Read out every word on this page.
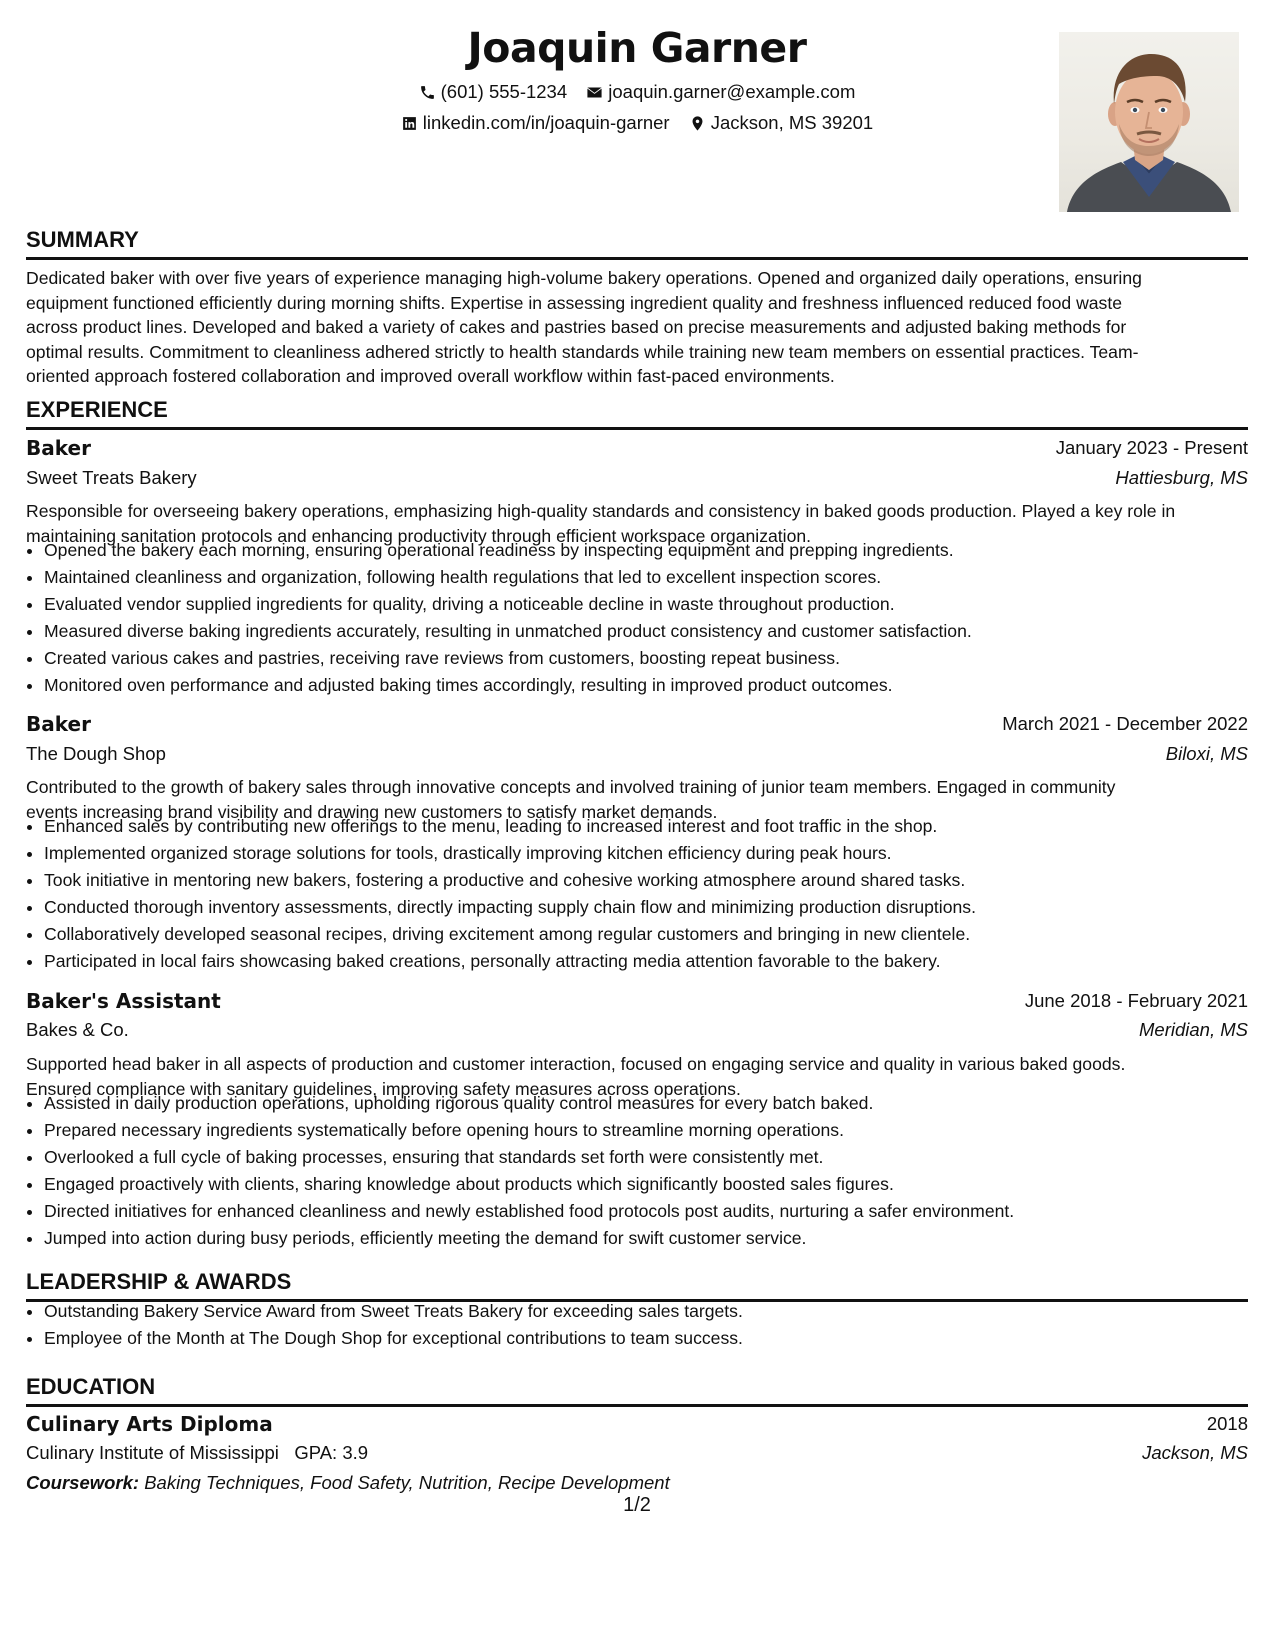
Joaquin Garner
(601) 555-1234
joaquin.garner@example.com
linkedin.com/in/joaquin-garner
Jackson, MS 39201
SUMMARY

Dedicated baker with over five years of experience managing high-volume bakery operations. Opened and organized daily operations, ensuring
equipment functioned efficiently during morning shifts. Expertise in assessing ingredient quality and freshness influenced reduced food waste
across product lines. Developed and baked a variety of cakes and pastries based on precise measurements and adjusted baking methods for
optimal results. Commitment to cleanliness adhered strictly to health standards while training new team members on essential practices. Team-
oriented approach fostered collaboration and improved overall workflow within fast-paced environments.

EXPERIENCE
Baker	January 2023 - Present
Sweet Treats Bakery	Hattiesburg, MS

Responsible for overseeing bakery operations, emphasizing high-quality standards and consistency in baked goods production. Played a key role in
maintaining sanitation protocols and enhancing productivity through efficient workspace organization.

• Opened the bakery each morning, ensuring operational readiness by inspecting equipment and prepping ingredients.
• Maintained cleanliness and organization, following health regulations that led to excellent inspection scores.
• Evaluated vendor supplied ingredients for quality, driving a noticeable decline in waste throughout production.
• Measured diverse baking ingredients accurately, resulting in unmatched product consistency and customer satisfaction.
• Created various cakes and pastries, receiving rave reviews from customers, boosting repeat business.
• Monitored oven performance and adjusted baking times accordingly, resulting in improved product outcomes.
Baker	March 2021 - December 2022
The Dough Shop	Biloxi, MS

Contributed to the growth of bakery sales through innovative concepts and involved training of junior team members. Engaged in community
events increasing brand visibility and drawing new customers to satisfy market demands.

• Enhanced sales by contributing new offerings to the menu, leading to increased interest and foot traffic in the shop.
• Implemented organized storage solutions for tools, drastically improving kitchen efficiency during peak hours.
• Took initiative in mentoring new bakers, fostering a productive and cohesive working atmosphere around shared tasks.
• Conducted thorough inventory assessments, directly impacting supply chain flow and minimizing production disruptions.
• Collaboratively developed seasonal recipes, driving excitement among regular customers and bringing in new clientele.
• Participated in local fairs showcasing baked creations, personally attracting media attention favorable to the bakery.
Baker's Assistant	June 2018 - February 2021
Bakes & Co.	Meridian, MS

Supported head baker in all aspects of production and customer interaction, focused on engaging service and quality in various baked goods.
Ensured compliance with sanitary guidelines, improving safety measures across operations.

• Assisted in daily production operations, upholding rigorous quality control measures for every batch baked.
• Prepared necessary ingredients systematically before opening hours to streamline morning operations.
• Overlooked a full cycle of baking processes, ensuring that standards set forth were consistently met.
• Engaged proactively with clients, sharing knowledge about products which significantly boosted sales figures.
• Directed initiatives for enhanced cleanliness and newly established food protocols post audits, nurturing a safer environment.
• Jumped into action during busy periods, efficiently meeting the demand for swift customer service.
LEADERSHIP & AWARDS
• Outstanding Bakery Service Award from Sweet Treats Bakery for exceeding sales targets.
• Employee of the Month at The Dough Shop for exceptional contributions to team success.
EDUCATION
Culinary Arts Diploma	2018
Culinary Institute of Mississippi GPA: 3.9	Jackson, MS
Coursework: Baking Techniques, Food Safety, Nutrition, Recipe Development
1/2
